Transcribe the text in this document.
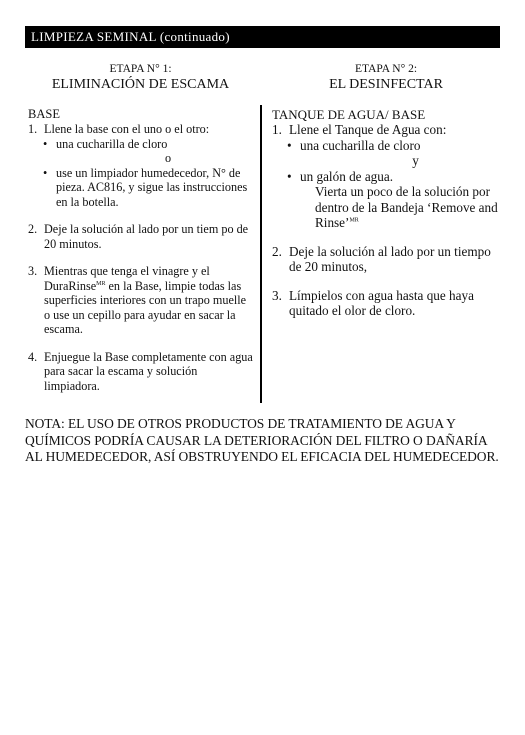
LIMPIEZA SEMINAL (continuado)
ETAPA N° 1:
ELIMINACIÓN DE ESCAMA
BASE
1. Llene la base con el uno o el otro:
• una cucharilla de cloro
o
• use un limpiador humedecedor, N° de pieza. AC816, y sigue las instrucciones en la botella.
2. Deje la solución al lado por un tiem po de 20 minutos.
3. Mientras que tenga el vinagre y el DuraRinse$^{MR}$ en la Base, limpie todas las superficies interiores con un trapo muelle o use un cepillo para ayudar en sacar la escama.
4. Enjuegue la Base completamente con agua para sacar la escama y solución limpiadora.
ETAPA N° 2:
EL DESINFECTAR
TANQUE DE AGUA/ BASE
1. Llene el Tanque de Agua con:
• una cucharilla de cloro
y
• un galón de agua.
Vierta un poco de la solución por dentro de la Bandeja ‘Remove and Rinse’$^{MR}$
2. Deje la solución al lado por un tiempo de 20 minutos,
3. Límpielos con agua hasta que haya quitado el olor de cloro.
NOTA: EL USO DE OTROS PRODUCTOS DE TRATAMIENTO DE AGUA Y QUÍMICOS PODRÍA CAUSAR LA DETERIORACIÓN DEL FILTRO O DAÑARÍA AL HUMEDECEDOR, ASÍ OBSTRUYENDO EL EFICACIA DEL HUMEDECEDOR.
